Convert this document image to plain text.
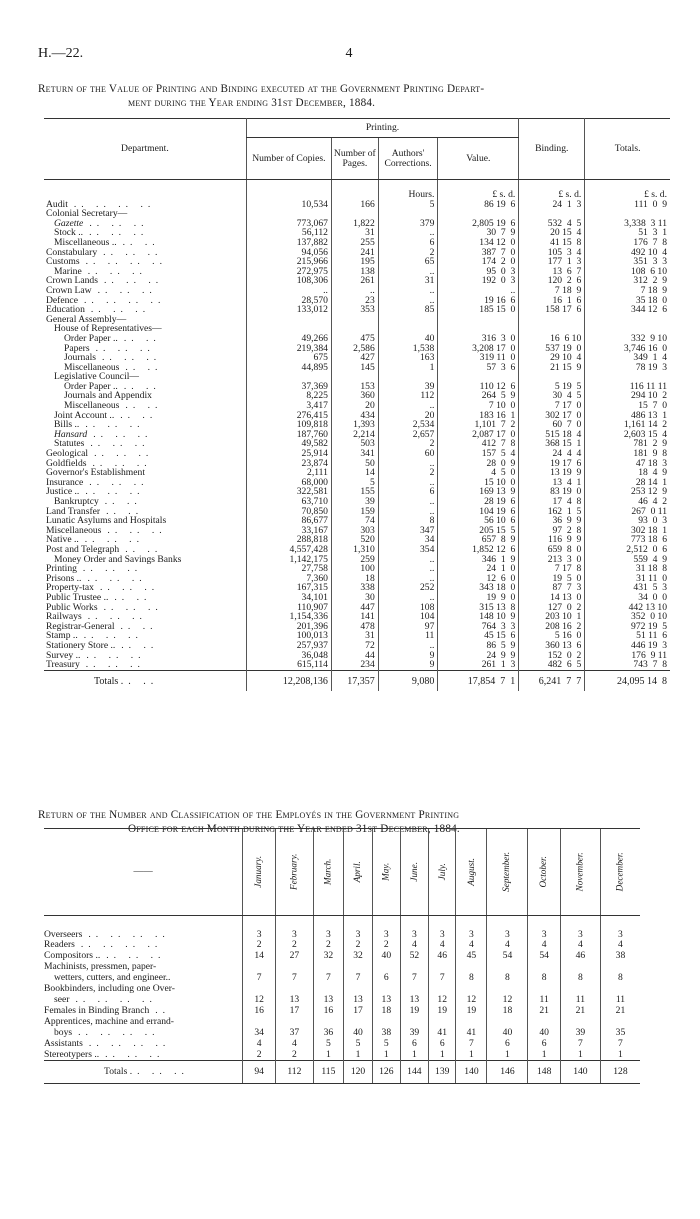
H.—22.	4
Return of the Value of Printing and Binding executed at the Government Printing Depart-
ment during the Year ending 31st December, 1884.
Department.	Printing.				Binding.	Totals.
	Number of Copies.	Number of Pages.	Authors' Corrections.	Value.		
			Hours.	£ s. d.	£ s. d.	£ s. d.
Audit .. .. .. ..	10,534	166	5	86 19  6	24  1  3	111  0  9
Colonial Secretary—						
Gazette .. .. ..	773,067	1,822	379	2,805 19  6	532  4  5	3,338  3 11
Stock .. .. .. ..	56,112	31	..	30  7  9	20 15  4	51  3  1
Miscellaneous .. .. ..	137,882	255	6	134 12  0	41 15  8	176  7  8
Constabulary .. .. ..	94,056	241	2	387  7  0	105  3  4	492 10  4
Customs .. .. .. ..	215,966	195	65	174  2  0	177  1  3	351  3  3
Marine .. .. ..	272,975	138	..	95  0  3	13  6  7	108  6 10
Crown Lands .. .. ..	108,306	261	31	192  0  3	120  2  6	312  2  9
Crown Law .. .. ..	..	..	..	..	7 18  9	7 18  9
Defence .. .. .. ..	28,570	23	..	19 16  6	16  1  6	35 18  0
Education .. .. ..	133,012	353	85	185 15  0	158 17  6	344 12  6
General Assembly—						
House of Representatives—						
Order Paper .. .. ..	49,266	475	40	316  3  0	16  6 10	332  9 10
Papers .. .. ..	219,384	2,586	1,538	3,208 17  0	537 19  0	3,746 16  0
Journals .. .. ..	675	427	163	319 11  0	29 10  4	349  1  4
Miscellaneous .. ..	44,895	145	1	57  3  6	21 15  9	78 19  3
Legislative Council—						
Order Paper .. .. ..	37,369	153	39	110 12  6	5 19  5	116 11 11
Journals and Appendix	8,225	360	112	264  5  9	30  4  5	294 10  2
Miscellaneous .. ..	3,417	20	..	7 10  0	7 17  0	15  7  0
Joint Account .. .. ..	276,415	434	20	183 16  1	302 17  0	486 13  1
Bills .. .. .. ..	109,818	1,393	2,534	1,101  7  2	60  7  0	1,161 14  2
Hansard .. .. ..	187,760	2,214	2,657	2,087 17  0	515 18  4	2,603 15  4
Statutes .. .. ..	49,582	503	2	412  7  8	368 15  1	781  2  9
Geological .. .. ..	25,914	341	60	157  5  4	24  4  4	181  9  8
Goldfields .. .. ..	23,874	50	..	28  0  9	19 17  6	47 18  3
Governor's Establishment	2,111	14	2	4  5  0	13 19  9	18  4  9
Insurance .. .. ..	68,000	5	..	15 10  0	13  4  1	28 14  1
Justice .. .. .. ..	322,581	155	6	169 13  9	83 19  0	253 12  9
Bankruptcy .. ..	63,710	39	..	28 19  6	17  4  8	46  4  2
Land Transfer .. ..	70,850	159	..	104 19  6	162  1  5	267  0 11
Lunatic Asylums and Hospitals	86,677	74	8	56 10  6	36  9  9	93  0  3
Miscellaneous .. .. ..	33,167	303	347	205 15  5	97  2  8	302 18  1
Native .. .. .. ..	288,818	520	34	657  8  9	116  9  9	773 18  6
Post and Telegraph .. ..	4,557,428	1,310	354	1,852 12  6	659  8  0	2,512  0  6
Money Order and Savings Banks	1,142,175	259	..	346  1  9	213  3  0	559  4  9
Printing .. .. ..	27,758	100	..	24  1  0	7 17  8	31 18  8
Prisons .. .. .. ..	7,360	18	..	12  6  0	19  5  0	31 11  0
Property-tax .. .. ..	167,315	338	252	343 18  0	87  7  3	431  5  3
Public Trustee .. .. ..	34,101	30	..	19  9  0	14 13  0	34  0  0
Public Works .. .. ..	110,907	447	108	315 13  8	127  0  2	442 13 10
Railways .. .. ..	1,154,336	141	104	148 10  9	203 10  1	352  0 10
Registrar-General .. ..	201,396	478	97	764  3  3	208 16  2	972 19  5
Stamp .. .. .. ..	100,013	31	11	45 15  6	5 16  0	51 11  6
Stationery Store .. .. ..	257,937	72	..	86  5  9	360 13  6	446 19  3
Survey .. .. .. ..	36,048	44	9	24  9  9	152  0  2	176  9 11
Treasury .. .. ..	615,114	234	9	261  1  3	482  6  5	743  7  8
Totals .. ..	12,208,136	17,357	9,080	17,854  7  1	6,241  7  7	24,095 14  8
Return of the Number and Classification of the Employés in the Government Printing
Office for each Month during the Year ended 31st December, 1884.
——	January.	February.	March.	April.	May.	June.	July.	August.	September.	October.	November.	December.
Overseers .. .. .. ..	3	3	3	3	3	3	3	3	3	3	3	3
Readers .. .. .. ..	2	2	2	2	2	4	4	4	4	4	4	4
Compositors .. .. .. ..	14	27	32	32	40	52	46	45	54	54	46	38
Machinists, pressmen, paper-												
wetters, cutters, and engineer..	7	7	7	7	6	7	7	8	8	8	8	8
Bookbinders, including one Over-												
seer .. .. .. ..	12	13	13	13	13	13	12	12	12	11	11	11
Females in Binding Branch ..	16	17	16	17	18	19	19	19	18	21	21	21
Apprentices, machine and errand-												
boys .. .. .. ..	34	37	36	40	38	39	41	41	40	40	39	35
Assistants .. .. .. ..	4	4	5	5	5	6	6	7	6	6	7	7
Stereotypers .. .. .. ..	2	2	1	1	1	1	1	1	1	1	1	1
Totals .. .. ..	94	112	115	120	126	144	139	140	146	148	140	128
